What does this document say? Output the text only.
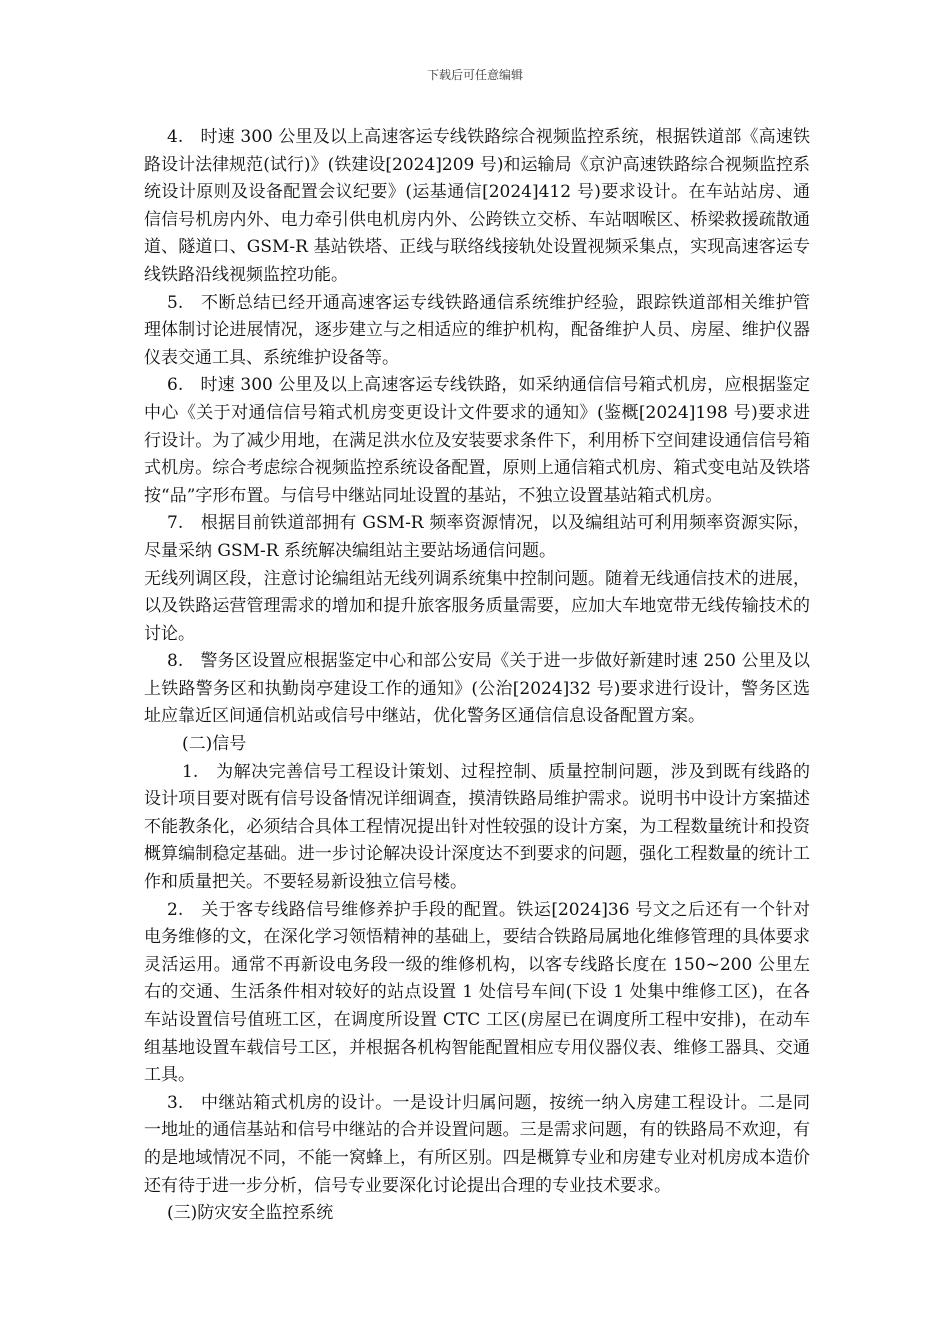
下载后可任意编辑

4.　时速 300 公里及以上高速客运专线铁路综合视频监控系统，根据铁道部《高速铁路设计法律规范(试行)》(铁建设[2024]209 号)和运输局《京沪高速铁路综合视频监控系统设计原则及设备配置会议纪要》(运基通信[2024]412 号)要求设计。在车站站房、通信信号机房内外、电力牵引供电机房内外、公跨铁立交桥、车站咽喉区、桥梁救援疏散通道、隧道口、GSM-R 基站铁塔、正线与联络线接轨处设置视频采集点，实现高速客运专线铁路沿线视频监控功能。

5.　不断总结已经开通高速客运专线铁路通信系统维护经验，跟踪铁道部相关维护管理体制讨论进展情况，逐步建立与之相适应的维护机构，配备维护人员、房屋、维护仪器仪表交通工具、系统维护设备等。

6.　时速 300 公里及以上高速客运专线铁路，如采纳通信信号箱式机房，应根据鉴定中心《关于对通信信号箱式机房变更设计文件要求的通知》(鉴概[2024]198 号)要求进行设计。为了减少用地，在满足洪水位及安装要求条件下，利用桥下空间建设通信信号箱式机房。综合考虑综合视频监控系统设备配置，原则上通信箱式机房、箱式变电站及铁塔按“品”字形布置。与信号中继站同址设置的基站，不独立设置基站箱式机房。

7.　根据目前铁道部拥有 GSM-R 频率资源情况，以及编组站可利用频率资源实际，尽量采纳 GSM-R 系统解决编组站主要站场通信问题。

无线列调区段，注意讨论编组站无线列调系统集中控制问题。随着无线通信技术的进展，以及铁路运营管理需求的增加和提升旅客服务质量需要，应加大车地宽带无线传输技术的讨论。

8.　警务区设置应根据鉴定中心和部公安局《关于进一步做好新建时速 250 公里及以上铁路警务区和执勤岗亭建设工作的通知》(公治[2024]32 号)要求进行设计，警务区选址应靠近区间通信机站或信号中继站，优化警务区通信信息设备配置方案。

(二)信号

1.　为解决完善信号工程设计策划、过程控制、质量控制问题，涉及到既有线路的设计项目要对既有信号设备情况详细调查，摸清铁路局维护需求。说明书中设计方案描述不能教条化，必须结合具体工程情况提出针对性较强的设计方案，为工程数量统计和投资概算编制稳定基础。进一步讨论解决设计深度达不到要求的问题，强化工程数量的统计工作和质量把关。不要轻易新设独立信号楼。

2.　关于客专线路信号维修养护手段的配置。铁运[2024]36 号文之后还有一个针对电务维修的文，在深化学习领悟精神的基础上，要结合铁路局属地化维修管理的具体要求灵活运用。通常不再新设电务段一级的维修机构，以客专线路长度在 150~200 公里左右的交通、生活条件相对较好的站点设置 1 处信号车间(下设 1 处集中维修工区)，在各车站设置信号值班工区，在调度所设置 CTC 工区(房屋已在调度所工程中安排)，在动车组基地设置车载信号工区，并根据各机构智能配置相应专用仪器仪表、维修工器具、交通工具。

3.　中继站箱式机房的设计。一是设计归属问题，按统一纳入房建工程设计。二是同一地址的通信基站和信号中继站的合并设置问题。三是需求问题，有的铁路局不欢迎，有的是地域情况不同，不能一窝蜂上，有所区别。四是概算专业和房建专业对机房成本造价还有待于进一步分析，信号专业要深化讨论提出合理的专业技术要求。

(三)防灾安全监控系统
